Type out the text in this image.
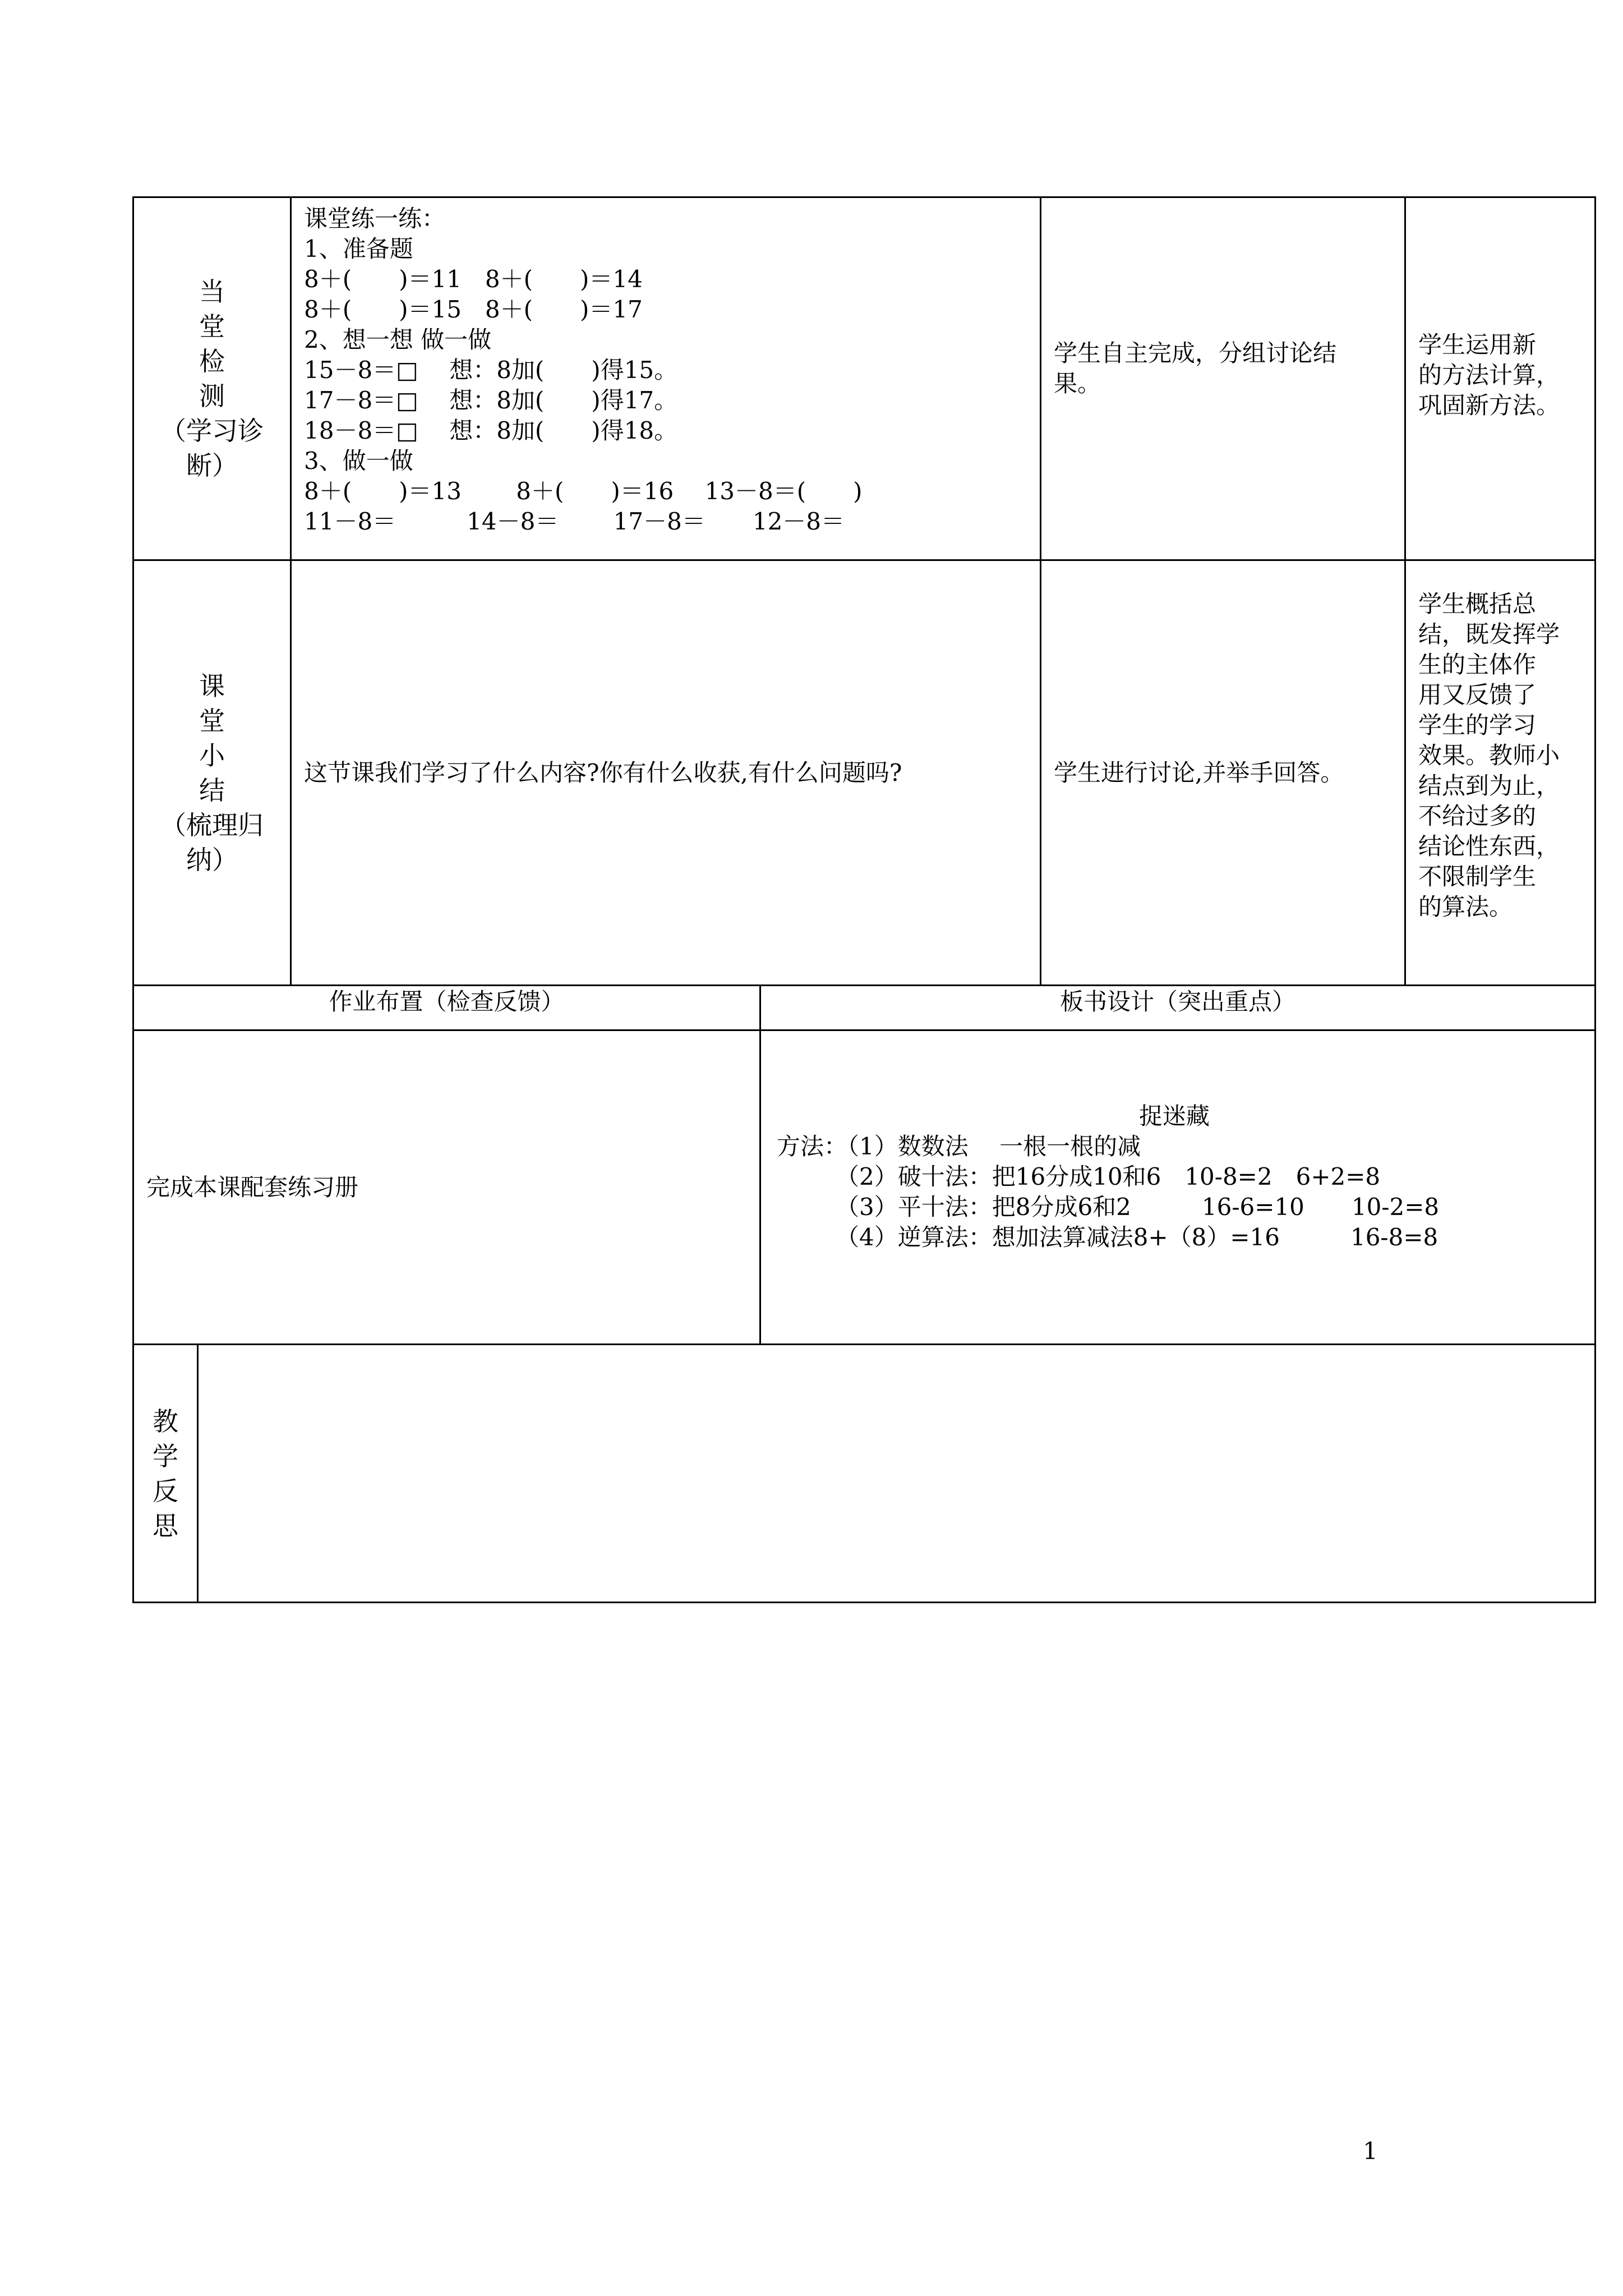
当
堂
检
测
（学习诊
断）
课堂练一练：
1、准备题
8＋(　　)＝11　8＋(　　)＝14
8＋(　　)＝15　8＋(　　)＝17
2、想一想 做一做
15－8＝□　 想：8加(　　)得15。
17－8＝□　 想：8加(　　)得17。
18－8＝□　 想：8加(　　)得18。
3、做一做
8＋(　　)＝13　　 8＋(　　)＝16　 13－8＝(　　)
11－8＝　　　14－8＝　　 17－8＝　　12－8＝
学生自主完成，分组讨论结
果。
学生运用新
的方法计算，
巩固新方法。
课
堂
小
结
（梳理归
纳）
这节课我们学习了什么内容?你有什么收获,有什么问题吗?	学生进行讨论,并举手回答。
学生概括总
结，既发挥学
生的主体作
用又反馈了
学生的学习
效果。教师小
结点到为止，
不给过多的
结论性东西，
不限制学生
的算法。
作业布置（检查反馈）	板书设计（突出重点）
完成本课配套练习册
捉迷藏
方法：（1）数数法　 一根一根的减
　　　（2）破十法：把16分成10和6　10-8=2　6+2=8
　　　（3）平十法：把8分成6和2　　　16-6=10　　10-2=8
　　　（4）逆算法：想加法算减法8+（8）=16　　　16-8=8
教
学
反
思
1
